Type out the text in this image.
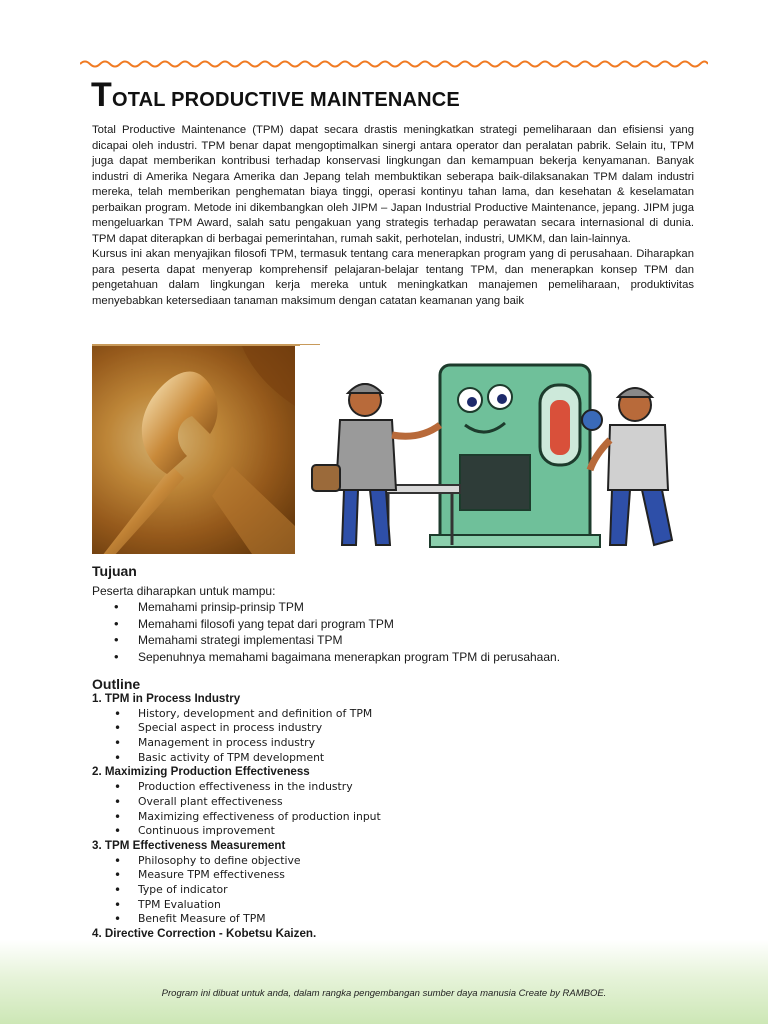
TOTAL PRODUCTIVE MAINTENANCE

Total Productive Maintenance (TPM) dapat secara drastis meningkatkan strategi pemeliharaan dan efisiensi yang dicapai oleh industri. TPM benar dapat mengoptimalkan sinergi antara operator dan peralatan pabrik. Selain itu, TPM juga dapat memberikan kontribusi terhadap konservasi lingkungan dan kemampuan bekerja kenyamanan. Banyak industri di Amerika Negara Amerika dan Jepang telah membuktikan seberapa baik-dilaksanakan TPM dalam industri mereka, telah memberikan penghematan biaya tinggi, operasi kontinyu tahan lama, dan kesehatan & keselamatan perbaikan program. Metode ini dikembangkan oleh JIPM – Japan Industrial Productive Maintenance, jepang. JIPM juga mengeluarkan TPM Award, salah satu pengakuan yang strategis terhadap perawatan secara internasional di dunia. TPM dapat diterapkan di berbagai pemerintahan, rumah sakit, perhotelan, industri, UMKM, dan lain-lainnya.

Kursus ini akan menyajikan filosofi TPM, termasuk tentang cara menerapkan program yang di perusahaan. Diharapkan para peserta dapat menyerap komprehensif pelajaran-belajar tentang TPM, dan menerapkan konsep TPM dan pengetahuan dalam lingkungan kerja mereka untuk meningkatkan manajemen pemeliharaan, produktivitas menyebabkan ketersediaan tanaman maksimum dengan catatan keamanan yang baik

Tujuan
Peserta diharapkan untuk mampu:
• Memahami prinsip-prinsip TPM
• Memahami filosofi yang tepat dari program TPM
• Memahami strategi implementasi TPM
• Sepenuhnya memahami bagaimana menerapkan program TPM di perusahaan.
Outline
1. TPM in Process Industry
• History, development and definition of TPM
• Special aspect in process industry
• Management in process industry
• Basic activity of TPM development
2. Maximizing Production Effectiveness
• Production effectiveness in the industry
• Overall plant effectiveness
• Maximizing effectiveness of production input
• Continuous improvement
3. TPM Effectiveness Measurement
• Philosophy to define objective
• Measure TPM effectiveness
• Type of indicator
• TPM Evaluation
• Benefit Measure of TPM
4. Directive Correction - Kobetsu Kaizen.
Program ini dibuat untuk anda, dalam rangka pengembangan sumber daya manusia Create by RAMBOE.
